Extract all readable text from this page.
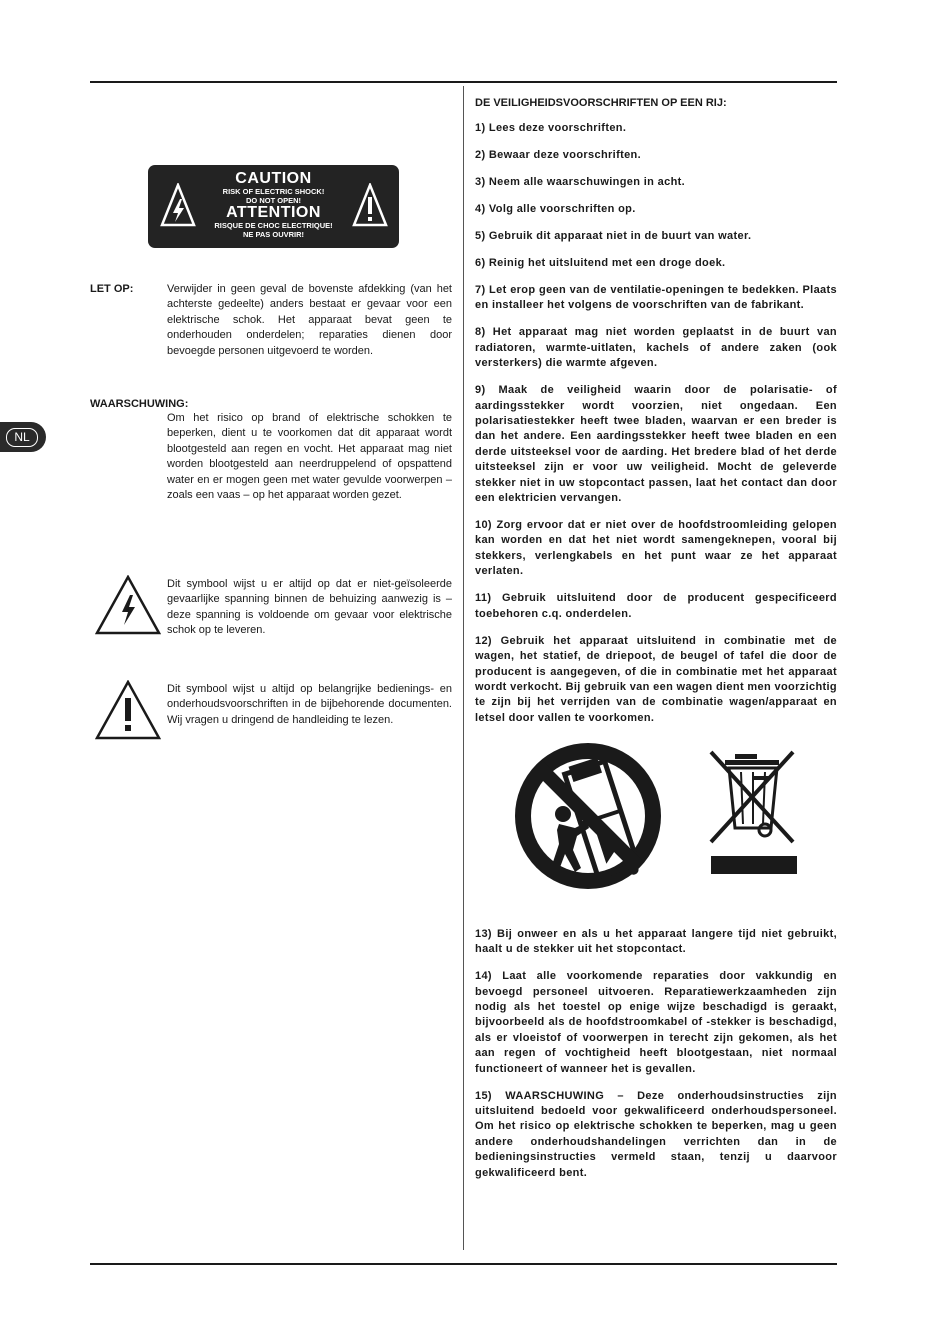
NL
CAUTION
RISK OF ELECTRIC SHOCK!
DO NOT OPEN!
ATTENTION
RISQUE DE CHOC ELECTRIQUE!
NE PAS OUVRIR!
LET OP:	Verwijder in geen geval de bovenste afdekking (van het achterste gedeelte) anders bestaat er gevaar voor een elektrische schok. Het apparaat bevat geen te onderhouden onderdelen; reparaties dienen door bevoegde personen uitgevoerd te worden.
WAARSCHUWING:
Om het risico op brand of elektrische schokken te beperken, dient u te voorkomen dat dit apparaat wordt blootgesteld aan regen en vocht. Het apparaat mag niet worden blootgesteld aan neerdruppelend of opspattend water en er mogen geen met water gevulde voorwerpen – zoals een vaas – op het apparaat worden gezet.
Dit symbool wijst u er altijd op dat er niet-geïsoleerde gevaarlijke spanning binnen de behuizing aanwezig is – deze spanning is voldoende om gevaar voor elektrische schok op te leveren.
Dit symbool wijst u altijd op belangrijke bedienings- en onderhoudsvoorschriften in de bijbehorende documenten. Wij vragen u dringend de handleiding te lezen.
DE VEILIGHEIDSVOORSCHRIFTEN OP EEN RIJ:
1) Lees deze voorschriften.
2) Bewaar deze voorschriften.
3) Neem alle waarschuwingen in acht.
4) Volg alle voorschriften op.
5) Gebruik dit apparaat niet in de buurt van water.
6) Reinig het uitsluitend met een droge doek.
7) Let erop geen van de ventilatie-openingen te bedekken. Plaats en installeer het volgens de voorschriften van de fabrikant.
8) Het apparaat mag niet worden geplaatst in de buurt van radiatoren, warmte-uitlaten, kachels of andere zaken (ook versterkers) die warmte afgeven.
9) Maak de veiligheid waarin door de polarisatie- of aardingsstekker wordt voorzien, niet ongedaan. Een polarisatiestekker heeft twee bladen, waarvan er een breder is dan het andere. Een aardingsstekker heeft twee bladen en een derde uitsteeksel voor de aarding. Het bredere blad of het derde uitsteeksel zijn er voor uw veiligheid. Mocht de geleverde stekker niet in uw stopcontact passen, laat het contact dan door een elektricien vervangen.
10) Zorg ervoor dat er niet over de hoofdstroomleiding gelopen kan worden en dat het niet wordt samengeknepen, vooral bij stekkers, verlengkabels en het punt waar ze het apparaat verlaten.
11) Gebruik uitsluitend door de producent gespecificeerd toebehoren c.q. onderdelen.
12) Gebruik het apparaat uitsluitend in combinatie met de wagen, het statief, de driepoot, de beugel of tafel die door de producent is aangegeven, of die in combinatie met het apparaat wordt verkocht. Bij gebruik van een wagen dient men voorzichtig te zijn bij het verrijden van de combinatie wagen/apparaat en letsel door vallen te voorkomen.
13) Bij onweer en als u het apparaat langere tijd niet gebruikt, haalt u de stekker uit het stopcontact.
14) Laat alle voorkomende reparaties door vakkundig en bevoegd personeel uitvoeren. Reparatiewerkzaamheden zijn nodig als het toestel op enige wijze beschadigd is geraakt, bijvoorbeeld als de hoofdstroomkabel of -stekker is beschadigd, als er vloeistof of voorwerpen in terecht zijn gekomen, als het aan regen of vochtigheid heeft blootgestaan, niet normaal functioneert of wanneer het is gevallen.
15) WAARSCHUWING – Deze onderhoudsinstructies zijn uitsluitend bedoeld voor gekwalificeerd onderhoudspersoneel. Om het risico op elektrische schokken te beperken, mag u geen andere onderhoudshandelingen verrichten dan in de bedieningsinstructies vermeld staan, tenzij u daarvoor gekwalificeerd bent.
